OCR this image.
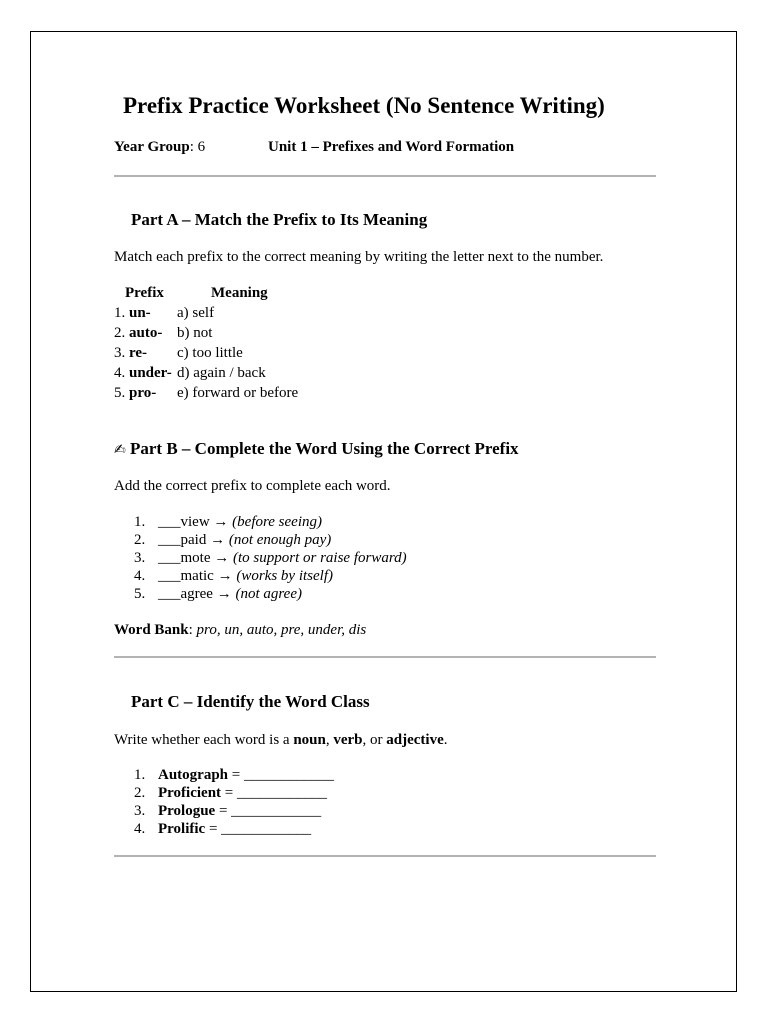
Prefix Practice Worksheet (No Sentence Writing)
Year Group: 6	Unit 1 – Prefixes and Word Formation
Part A – Match the Prefix to Its Meaning
Match each prefix to the correct meaning by writing the letter next to the number.
Prefix	Meaning
1. un- a) self
2. auto- b) not
3. re- c) too little
4. under- d) again / back
5. pro- e) forward or before
✍ Part B – Complete the Word Using the Correct Prefix
Add the correct prefix to complete each word.
1. ___view → (before seeing)
2. ___paid → (not enough pay)
3. ___mote → (to support or raise forward)
4. ___matic → (works by itself)
5. ___agree → (not agree)
Word Bank: pro, un, auto, pre, under, dis
Part C – Identify the Word Class
Write whether each word is a noun, verb, or adjective.
1. Autograph = ____________
2. Proficient = ____________
3. Prologue = ____________
4. Prolific = ____________
